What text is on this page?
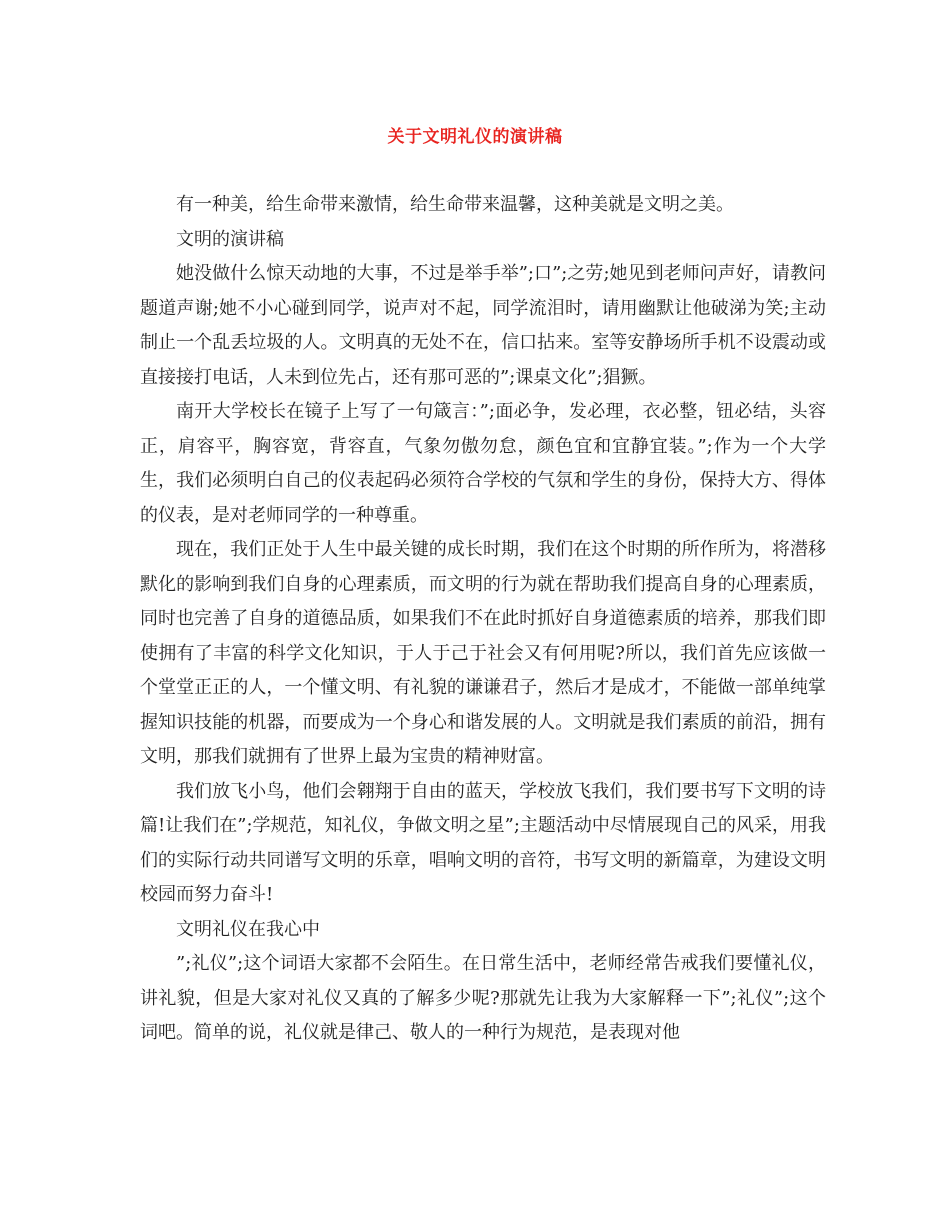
关于文明礼仪的演讲稿

有一种美，给生命带来激情，给生命带来温馨，这种美就是文明之美。

文明的演讲稿

她没做什么惊天动地的大事，不过是举手举”;口”;之劳;她见到老师问声好，请教问题道声谢;她不小心碰到同学，说声对不起，同学流泪时，请用幽默让他破涕为笑;主动制止一个乱丢垃圾的人。文明真的无处不在，信口拈来。室等安静场所手机不设震动或直接接打电话，人未到位先占，还有那可恶的”;课桌文化”;猖獗。

南开大学校长在镜子上写了一句箴言：”;面必争，发必理，衣必整，钮必结，头容正，肩容平，胸容宽，背容直，气象勿傲勿怠，颜色宜和宜静宜装。”;作为一个大学生，我们必须明白自己的仪表起码必须符合学校的气氛和学生的身份，保持大方、得体的仪表，是对老师同学的一种尊重。

现在，我们正处于人生中最关键的成长时期，我们在这个时期的所作所为，将潜移默化的影响到我们自身的心理素质，而文明的行为就在帮助我们提高自身的心理素质，同时也完善了自身的道德品质，如果我们不在此时抓好自身道德素质的培养，那我们即使拥有了丰富的科学文化知识，于人于己于社会又有何用呢?所以，我们首先应该做一个堂堂正正的人，一个懂文明、有礼貌的谦谦君子，然后才是成才，不能做一部单纯掌握知识技能的机器，而要成为一个身心和谐发展的人。文明就是我们素质的前沿，拥有文明，那我们就拥有了世界上最为宝贵的精神财富。

我们放飞小鸟，他们会翱翔于自由的蓝天，学校放飞我们，我们要书写下文明的诗篇!让我们在”;学规范，知礼仪，争做文明之星”;主题活动中尽情展现自己的风采，用我们的实际行动共同谱写文明的乐章，唱响文明的音符，书写文明的新篇章，为建设文明校园而努力奋斗!

文明礼仪在我心中

”;礼仪”;这个词语大家都不会陌生。在日常生活中，老师经常告戒我们要懂礼仪，讲礼貌，但是大家对礼仪又真的了解多少呢?那就先让我为大家解释一下”;礼仪”;这个词吧。简单的说，礼仪就是律己、敬人的一种行为规范，是表现对他
